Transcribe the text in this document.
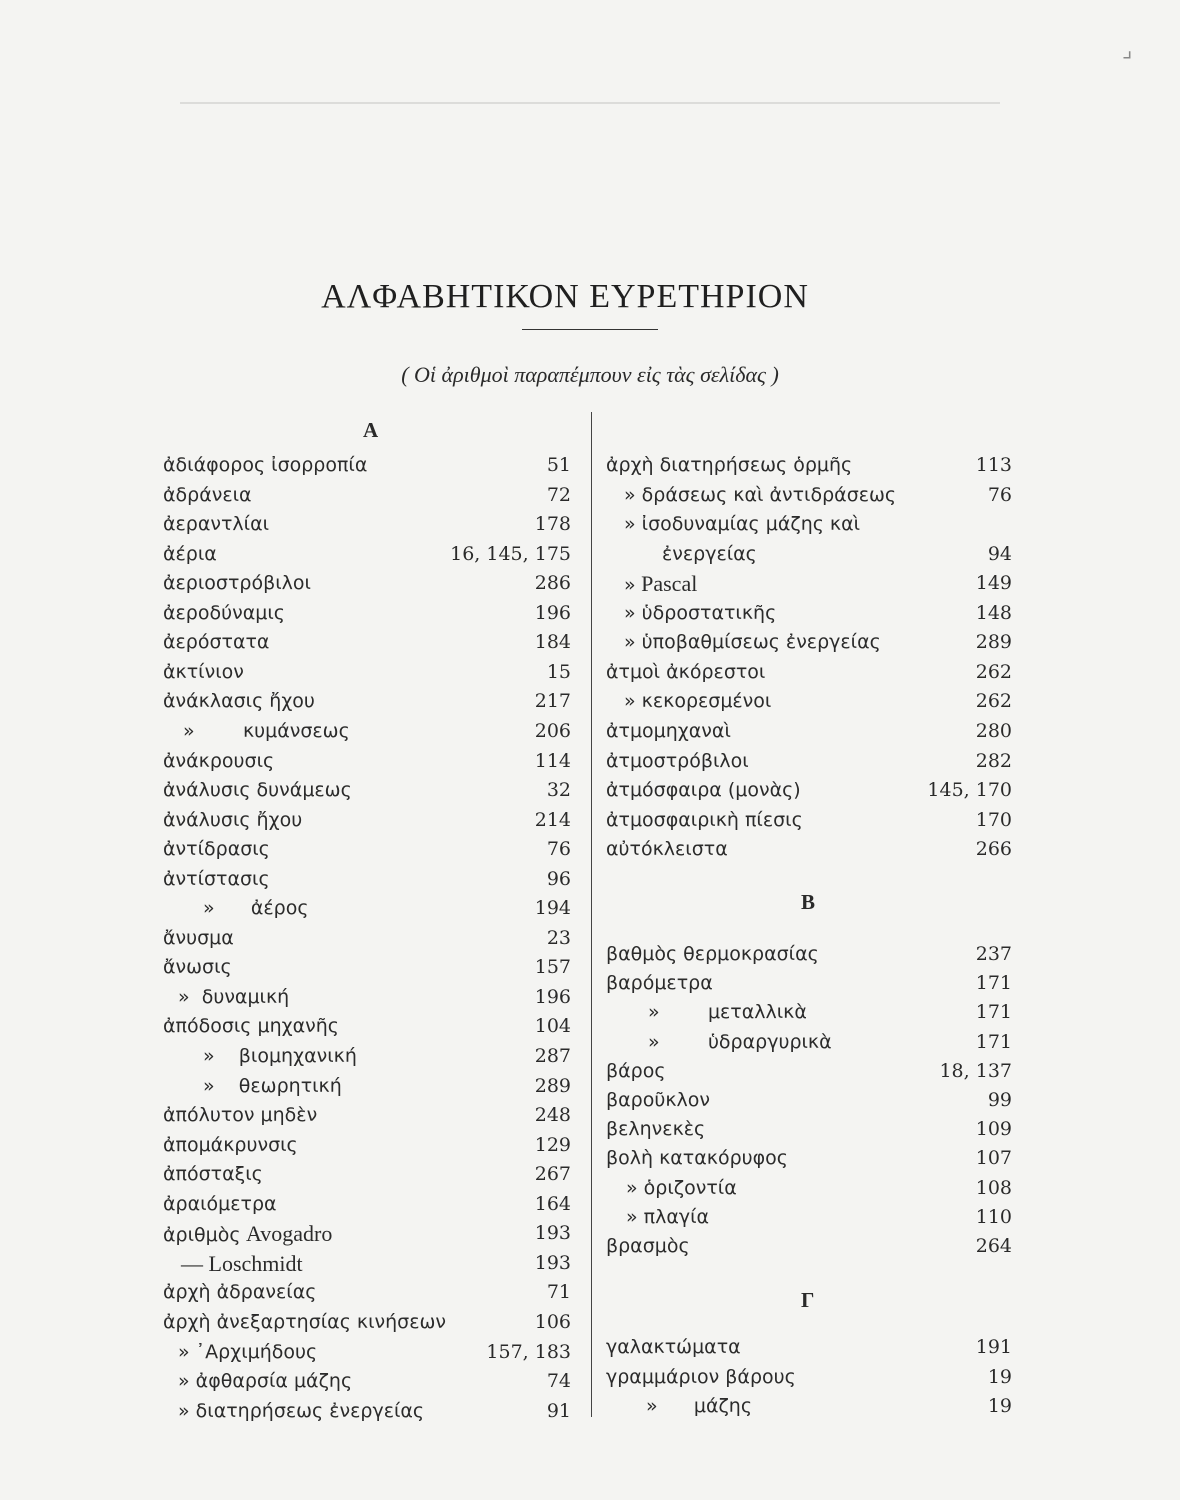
ΑΛΦΑΒΗΤΙΚΟΝ ΕΥΡΕΤΗΡΙΟΝ
( Οἱ ἀριθμοὶ παραπέμπουν εἰς τὰς σελίδας )
Α
ἀδιάφορος ἰσορροπία	51
ἀδράνεια	72
ἀεραντλίαι	178
ἀέρια	16, 145, 175
ἀεριοστρόβιλοι	286
ἀεροδύναμις	196
ἀερόστατα	184
ἀκτίνιον	15
ἀνάκλασις ἤχου	217
»        κυμάνσεως	206
ἀνάκρουσις	114
ἀνάλυσις δυνάμεως	32
ἀνάλυσις ἤχου	214
ἀντίδρασις	76
ἀντίστασις	96
»      ἀέρος	194
ἄνυσμα	23
ἄνωσις	157
»  δυναμική	196
ἀπόδοσις μηχανῆς	104
»    βιομηχανική	287
»    θεωρητική	289
ἀπόλυτον μηδὲν	248
ἀπομάκρυνσις	129
ἀπόσταξις	267
ἀραιόμετρα	164
ἀριθμὸς Avogadro	193
— Loschmidt	193
ἀρχὴ ἀδρανείας	71
ἀρχὴ ἀνεξαρτησίας κινήσεων	106
» ᾿Αρχιμήδους	157, 183
» ἀφθαρσία μάζης	74
» διατηρήσεως ἐνεργείας	91
ἀρχὴ διατηρήσεως ὁρμῆς	113
» δράσεως καὶ ἀντιδράσεως	76
» ἰσοδυναμίας μάζης καὶ
ἐνεργείας	94
» Pascal	149
» ὑδροστατικῆς	148
» ὑποβαθμίσεως ἐνεργείας	289
ἀτμοὶ ἀκόρεστοι	262
» κεκορεσμένοι	262
ἀτμομηχαναὶ	280
ἀτμοστρόβιλοι	282
ἀτμόσφαιρα (μονὰς)	145, 170
ἀτμοσφαιρικὴ πίεσις	170
αὐτόκλειστα	266
Β
βαθμὸς θερμοκρασίας	237
βαρόμετρα	171
»        μεταλλικὰ	171
»        ὑδραργυρικὰ	171
βάρος	18, 137
βαροῦκλον	99
βεληνεκὲς	109
βολὴ κατακόρυφος	107
» ὁριζοντία	108
» πλαγία	110
βρασμὸς	264
Γ
γαλακτώματα	191
γραμμάριον βάρους	19
»      μάζης	19
⌟
